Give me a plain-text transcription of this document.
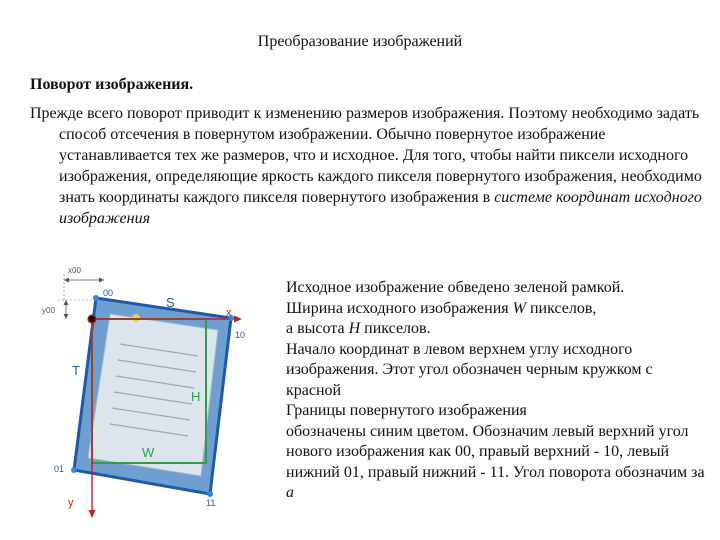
Преобразование изображений
Поворот изображения.
Прежде всего поворот приводит к изменению размеров изображения. Поэтому необходимо задать способ отсечения в повернутом изображении. Обычно повернутое изображение устанавливается тех же размеров, что и исходное. Для того, чтобы найти пиксели исходного изображения, определяющие яркость каждого пикселя повернутого изображения, необходимо знать координаты каждого пикселя повернутого изображения в системе координат исходного изображения
x00
y00
00
10
01
11
S
T
H
W
x
y

Исходное изображение обведено зеленой рамкой.

Ширина исходного изображения W пикселов,

а высота H пикселов.

Начало координат в левом верхнем углу исходного изображения. Этот угол обозначен черным кружком с красной

Границы повернутого изображения

обозначены синим цветом. Обозначим левый верхний угол нового изображения как 00, правый верхний - 10, левый нижний 01, правый нижний - 11. Угол поворота обозначим за a
